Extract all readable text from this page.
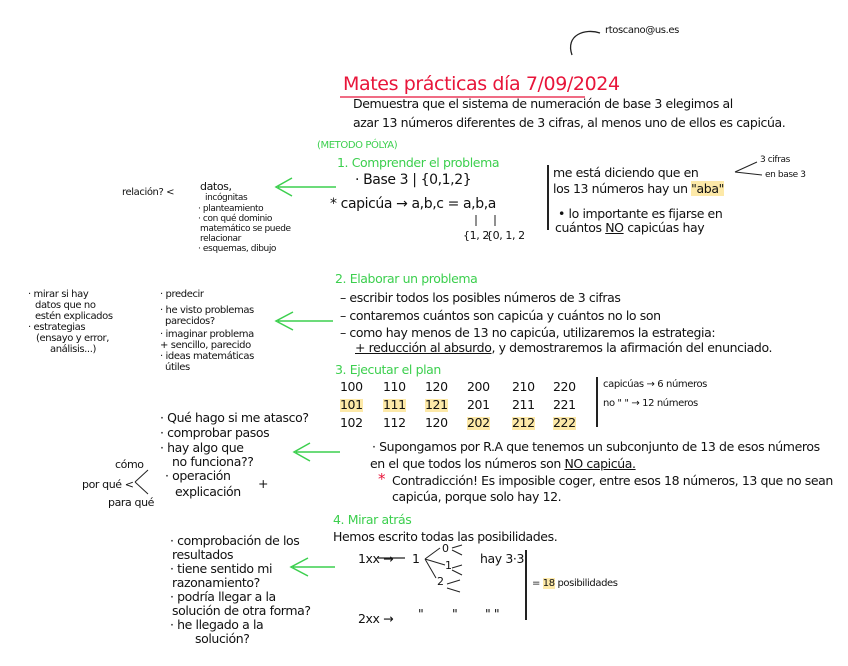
rtoscano@us.es
Mates prácticas día 7/09/2024
Demuestra que el sistema de numeración de base 3 elegimos al
azar 13 números diferentes de 3 cifras, al menos uno de ellos es capicúa.
(METODO PÓLYA)
1. Comprender el problema
· Base 3 | {0,1,2}
* capicúa → a,b,c = a,b,a
{1, 2
{0, 1, 2
me está diciendo que en
los 13 números hay un "aba"
• lo importante es fijarse en
cuántos NO capicúas hay
3 cifras
en base 3
relación? < datos,
incógnitas
· planteamiento
· con qué dominio
matemático se puede
relacionar
· esquemas, dibujo
2. Elaborar un problema
– escribir todos los posibles números de 3 cifras
– contaremos cuántos son capicúa y cuántos no lo son
– como hay menos de 13 no capicúa, utilizaremos la estrategia:
+ reducción al absurdo, y demostraremos la afirmación del enunciado.
· mirar si hay
datos que no
estén explicados
· estrategias
(ensayo y error,
análisis...)
· predecir
· he visto problemas
parecidos?
· imaginar problema
+ sencillo, parecido
· ideas matemáticas
útiles	3. Ejecutar el plan
100 110 120 200 210 220
101 111 121 201 211 221
102 112 120 202 212 222
capicúas → 6 números
no " " → 12 números
· Qué hago si me atasco?
· comprobar pasos
· hay algo que
no funciona??
· operación
+
explicación
cómo
por qué <
para qué
· Supongamos por R.A que tenemos un subconjunto de 13 de esos números
en el que todos los números son NO capicúa.
* Contradicción! Es imposible coger, entre esos 18 números, 13 que no sean
capicúa, porque solo hay 12.
4. Mirar atrás
Hemos escrito todas las posibilidades.
1xx → 1
0
1
2
hay 3·3
2xx → " " " "
= 18 posibilidades
· comprobación de los
resultados
· tiene sentido mi
razonamiento?
· podría llegar a la
solución de otra forma?
· he llegado a la
solución?
